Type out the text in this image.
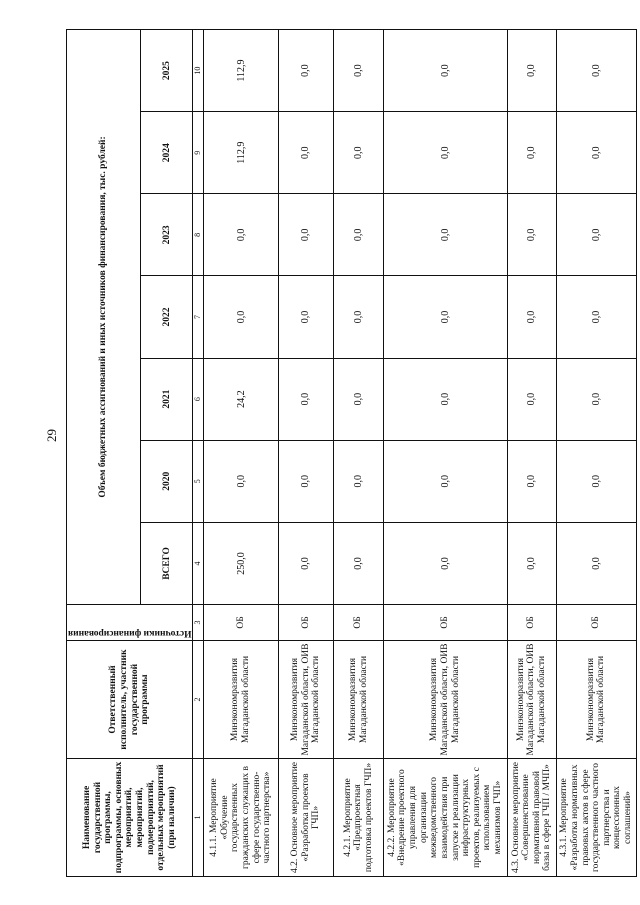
29
Наименование государственной программы, подпрограммы, основных мероприятий, мероприятий, подмероприятий, отдельных мероприятий (при наличии)	Ответственный исполнитель, участник государственной программы	Источники финансирования	Объем бюджетных ассигнований и иных источников финансирования, тыс. рублей:						
			ВСЕГО	2020	2021	2022	2023	2024	2025
1	2	3	4	5	6	7	8	9	10
4.1.1. Мероприятие «Обучение государственных гражданских служащих в сфере государственно-частного партнерства»	Минэкономразвития Магаданской области	ОБ	250,0	0,0	24,2	0,0	0,0	112,9	112,9
4.2. Основное мероприятие «Разработка проектов ГЧП»	Минэкономразвития Магаданской области, ОИВ Магаданской области	ОБ	0,0	0,0	0,0	0,0	0,0	0,0	0,0
4.2.1. Мероприятие «Предпроектная подготовка проектов ГЧП»	Минэкономразвития Магаданской области	ОБ	0,0	0,0	0,0	0,0	0,0	0,0	0,0
4.2.2. Мероприятие «Внедрение проектного управления для организации межведомственного взаимодействия при запуске и реализации инфраструктурных проектов, реализуемых с использованием механизмов ГЧП»	Минэкономразвития Магаданской области, ОИВ Магаданской области	ОБ	0,0	0,0	0,0	0,0	0,0	0,0	0,0
4.3. Основное мероприятие «Совершенствование нормативной правовой базы в сфере ГЧП / МЧП»	Минэкономразвития Магаданской области, ОИВ Магаданской области	ОБ	0,0	0,0	0,0	0,0	0,0	0,0	0,0
4.3.1. Мероприятие «Разработка нормативных правовых актов в сфере государственного частного партнерства и концессионных соглашений»	Минэкономразвития Магаданской области	ОБ	0,0	0,0	0,0	0,0	0,0	0,0	0,0
